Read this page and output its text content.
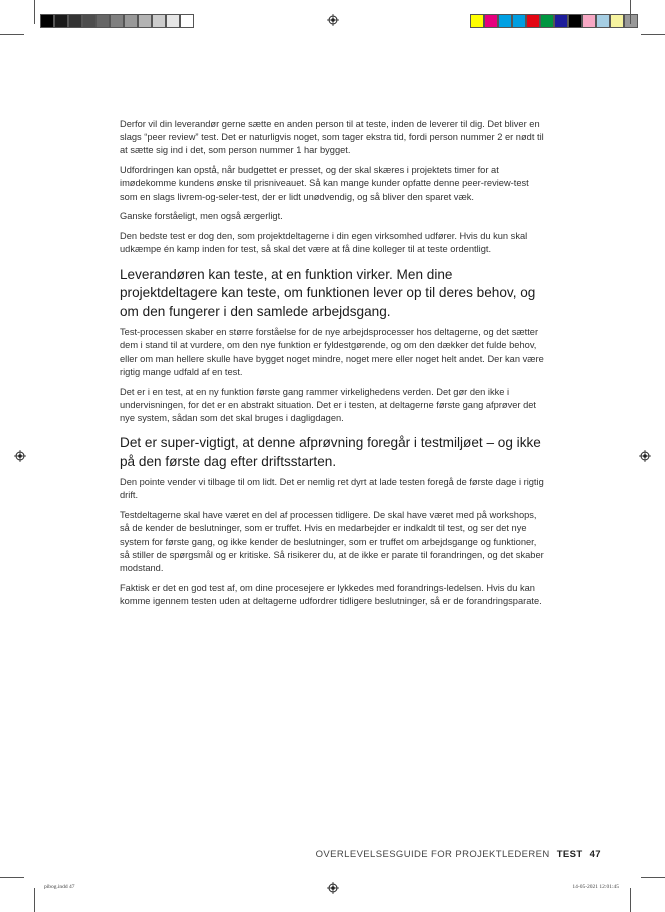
Derfor vil din leverandør gerne sætte en anden person til at teste, inden de leverer til dig. Det bliver en slags “peer review” test. Det er naturligvis noget, som tager ekstra tid, fordi person nummer 2 er nødt til at sætte sig ind i det, som person nummer 1 har bygget.

Udfordringen kan opstå, når budgettet er presset, og der skal skæres i projektets timer for at imødekomme kundens ønske til prisniveauet. Så kan mange kunder opfatte denne peer-review-test som en slags livrem-og-seler-test, der er lidt unødvendig, og så bliver den sparet væk.

Ganske forståeligt, men også ærgerligt.

Den bedste test er dog den, som projektdeltagerne i din egen virksomhed udfører. Hvis du kun skal udkæmpe én kamp inden for test, så skal det være at få dine kolleger til at teste ordentligt.

Leverandøren kan teste, at en funktion virker. Men dine projektdeltagere kan teste, om funktionen lever op til deres behov, og om den fungerer i den samlede arbejdsgang.

Test-processen skaber en større forståelse for de nye arbejdsprocesser hos deltagerne, og det sætter dem i stand til at vurdere, om den nye funktion er fyldestgørende, og om den dækker det fulde behov, eller om man hellere skulle have bygget noget mindre, noget mere eller noget helt andet. Der kan være rigtig mange udfald af en test.

Det er i en test, at en ny funktion første gang rammer virkelighedens verden. Det gør den ikke i undervisningen, for det er en abstrakt situation. Det er i testen, at deltagerne første gang afprøver det nye system, sådan som det skal bruges i dagligdagen.

Det er super-vigtigt, at denne afprøvning foregår i testmiljøet – og ikke på den første dag efter driftsstarten.

Den pointe vender vi tilbage til om lidt. Det er nemlig ret dyrt at lade testen foregå de første dage i rigtig drift.

Testdeltagerne skal have været en del af processen tidligere. De skal have været med på workshops, så de kender de beslutninger, som er truffet. Hvis en medarbejder er indkaldt til test, og ser det nye system for første gang, og ikke kender de beslutninger, som er truffet om arbejdsgange og funktioner, så stiller de spørgsmål og er kritiske. Så risikerer du, at de ikke er parate til forandringen, og det skaber modstand.

Faktisk er det en god test af, om dine procesejere er lykkedes med forandrings-ledelsen. Hvis du kan komme igennem testen uden at deltagerne udfordrer tidligere beslutninger, så er de forandringsparate.

OVERLEVELSESGUIDE FOR PROJEKTLEDEREN TEST 47
pibog.indd 47	14-05-2021 12:01:45
